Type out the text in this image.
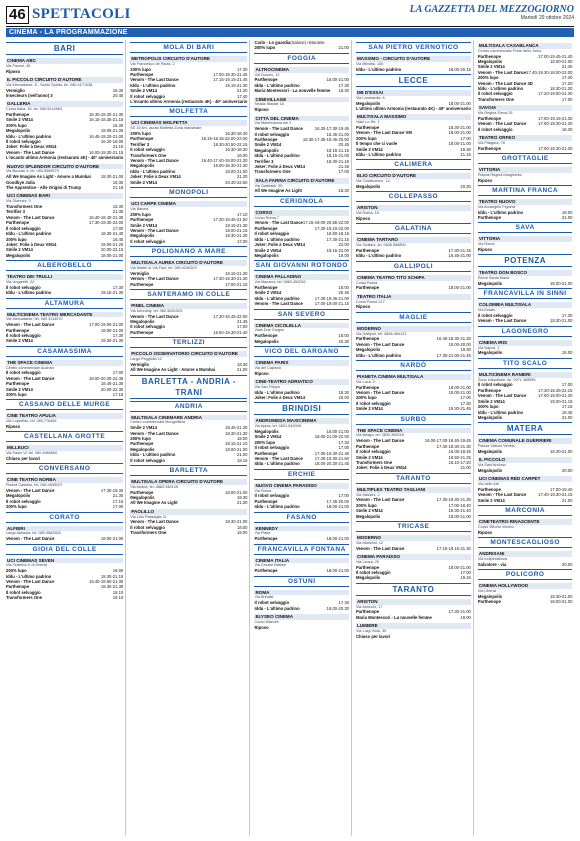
46 SPETTACOLI	LA GAZZETTA DEL MEZZOGIORNO
Martedì 29 ottobre 2024
CINEMA - LA PROGRAMMAZIONE
BARI
CINEMA ABC
Via Pavoni, 45
Riposo
IL PICCOLO CIRCUITO D'AUTORE
Via Mercadante, 8 - Santo Spirito, tel. 080.4171038
Vermiglio	18.30
Insecteurs (nell'anno) 3	20.45
GALLERIA
Corso Italia, 15, tel. 080.5214563
Parthenope	16.30-18.30-21.30
Smile 2 VM14	16.15-18.35-21.15
200% lupo	16.30
Megalopolis	18.05-21.05
Iddu - L'ultimo padrino	16.45-18.20-21.00
Il robot selvaggio	16.20-18.00
Joker: Folie à Deux VM14	21.10
Venom - The Last Dance	16.00-18.30-21.15
L'incanto ultimo Armonia (restaurato 4K) - 40° anniversario
NUOVO SPLENDOR CIRCUITO D'AUTORE
Via Buccari 4, tel. 080.5569579
All We Imagine As Light - Amore a Mumbai 18.30-21.00
Goodbye Julia	18.30
The Apprentice - Alle Origini di Trump	21.15
UCI CINEMAS BARI
Via Giannini, 9
Transformers One	16.30
Terrifier 3	21.30
Venom - The Last Dance	16.40-18.40-21.30
Parthenope	17.30-19.30-22.00
Il robot selvaggio	17.00
Iddu - L'ultimo padrino	18.30-21.40
200% lupo	16.45
Joker: Folie à Deux VM14	19.00-21.20
Smile 2 VM14	20.00-22.15
Megalopolis	18.00-21.00
ALBEROBELLO
TEATRO DEI TRULLI
Via Ungaretti, 22
Il robot selvaggio	17.30
Iddu - L'ultimo padrino	19.15-21.30
ALTAMURA
MULTICINEMA TEATRO MERCADANTE
Via Mercadante, tel. 080.3114070
Venom - The Last Dance	17.00-19.00-21.00
Parthenope	18.00-21.00
Il robot selvaggio	17.30
Smile 2 VM14	19.30-21.30
CASAMASSIMA
THE SPACE CINEMA
Centro commerciale Auchan
Il robot selvaggio	17.00
Venom - The Last Dance	18.00-20.30-22.45
Parthenope	18.45-21.30
Smile 2 VM14	20.00-22.30
200% lupo	17.15
CASSANO DELLE MURGE
CINE TEATRO APULIA
Via Loperfido, tel. 080.776464
Riposo
CASTELLANA GROTTE
MILLEUCI
Via Paolo VI, tel. 080.4965660
Chiuso per lavori
CONVERSANO
CINE TEATRO NORBA
Piazza Castello, tel. 080.4955007
Venom - The Last Dance	17.30-19.30
Megalopolis	21.30
Il robot selvaggio	17.15
200% lupo	17.00
CORATO
ALFIERI
Largo Abbazia, tel. 080.3582553
Venom - The Last Dance	18.00-21.00
GIOIA DEL COLLE
UCI CINEMAS SEVEN
Via Federico II di Svevia
200% lupo	18.00
Iddu - L'ultimo padrino	18.30-21.15
Venom - The Last Dance	16.40-18.50-21.30
Parthenope	18.30-21.30
Il robot selvaggio	18.10
Transformers One	18.10
MOLA DI BARI
METROPOLIS CIRCUITO D'AUTORE
Via Francesco de Paola, 2
200% lupo	17.30
Parthenope	17.00-19.30-21.45
Venom - The Last Dance	17.15-19.15-21.45
Iddu - L'ultimo padrino	19.15-21.30
Smile 2 VM14	21.30
Il robot selvaggio	17.40
L'incanto ultimo Armonia (restaurato 4K) - 40° anniversario
MOLFETTA
UCI CINEMAS MOLFETTA
SS 16 km, uscita Molfetta Zona industriale
200% lupo	16.30-18.30
Parthenope	16.15-19.15-22.00-23.00
Terrifier 3	18.30-20.50-22.15
Il robot selvaggio	16.30-18.30
Transformers One	16.00
Venom - The Last Dance	16.40-17.40-19.00-21.30
Megalopolis	16.00-18.30-21.30
Iddu - L'ultimo padrino	18.00-21.00
Joker: Folie à Deux VM14	21.30
Smile 2 VM14	20.40-22.50
MONOPOLI
UCI CARPE CINEMA
Via Baione
200% lupo	17.10
Parthenope	17.30-19.45-21.50
Smile 2 VM14	19.15-21.30
Venom - The Last Dance	18.00-21.15
Megalopolis	19.30-21.30
Il robot selvaggio	17.00
POLIGNANO A MARE
MULTISALA AUREA CIRCUITO D'AUTORE
Via Martiri di Via Fani, tel. 080.4240003
Vermiglio	19.15-21.30
Venom - The Last Dance	17.30-19.30-21.30
Parthenope	17.00-21.15
SANTERAMO IN COLLE
PINEL CINEMA
Via Kennedy, tel. 080.3030303
Venom - The Last Dance	17.30-19.45-22.00
Megalopolis	21.45
Il robot selvaggio	17.00
Parthenope	16.50-19.30-21.40
TERLIZZI
PICCOLO OSSERVATORIO CIRCUITO D'AUTORE
Largo Peggiolla 12
Vermiglio	18.30
All We Imagine As Light - Amore a Mumbai	21.00
BARLETTA - ANDRIA - TRANI
ANDRIA
MULTISALA CINEMARE ANDRIA
Centro commerciale Mongolfiera
Smile 2 VM14	18.45-21.30
Venom - The Last Dance	18.30-21.30
200% lupo	18.00
Parthenope	18.15-21.10
Megalopolis	18.00-21.00
Iddu - L'ultimo padrino	21.00
Il robot selvaggio	18.15
BARLETTA
MULTISALA OPERA CIRCUITO D'AUTORE
Via Andria, tel. 0883.345145
Parthenope	18.00-21.00
Megalopolis	18.30
All We Imagine As Light	21.00
PAOLILLO
Via Lido Passaglia 21
Venom - The Last Dance	18.30-21.00
Il robot selvaggio	18.00
Transformers One	18.00
Carlo - Lo guardia(Salone) ristorante
200% lupo	21.00
FOGGIA
ALTROCINEMA
Via Duomo, 12
Parthenope	18.00-21.00
Iddu - L'ultimo padrino	17.30
Maria Montessori - La nouvelle femme 16.30
CINEVILLAGE
Strada Statale 16
Riposo
CITTÀ DEL CINEMA
Via Manfredonia km 2
Venom - The Last Dance	16.30-17.30-19.45
Il robot selvaggio	16.45-21.00
Parthenope	18.30-17.35-19.45-20.50
Smile 2 VM14	20.45
Megalopolis	18.15-21.15
Iddu - L'ultimo padrino	18.15-21.00
Terrifier 3	18.30-21.15
Joker: Folie à Deux VM14	21.45
Transformers One	17.00
SALA FARINA CIRCUITO D'AUTORE
Via Garibaldi, 55
All We Imagine As Light	18.30
CERIGNOLA
CORSO
Corso Roma 7
Venom - The Last Dance 17.15-19.00-20.55-22.00
Parthenope	17.30-19.10-22.00
Il robot selvaggio	16.50-18.15
Iddu - L'ultimo padrino	17.30-21.15
Joker: Folie à Deux VM14	22.00
Smile 2 VM14	19.15-22.00
Megalopolis	19.00
SAN GIOVANNI ROTONDO
CINEMA PALLADINO
Via Manzoni, tel. 0882.452052
Parthenope	18.00
Smile 2 VM14	20.45
Iddu - L'ultimo padrino	17.30-19.45-21.00
Venom - The Last Dance	17.00-19.00-21.15
SAN SEVERO
CINEMA CICOLELLA
Viale Due Giugno
Parthenope	18.00
Megalopolis	20.30
VICO DEL GARGANO
CINEMA PARIS
Via del Capitolo
Riposo
CINE-TEATRO ADRIATICO
Via San Filippo
Iddu - L'ultimo padrino	18.30
Joker: Folie à Deux VM14	20.00
BRINDISI
ANDROMEDA MAXICINEMA
Via Appia, tel. 0831.549008
Megalopolis	18.00-21.00
Smile 2 VM14	18.00-21.00-22.00
200% lupo	17.30
Il robot selvaggio	17.00
Parthenope	17.30-19.30-21.45
Venom - The Last Dance	17.30-19.30-21.50
Iddu - L'ultimo padrino	18.00-20.30-21.45
ERCHIE
NUOVO CINEMA PARADISO
Via Roma
Il robot selvaggio	17.00
Parthenope	17.45-20.00
Iddu - L'ultimo padrino	18.00-21.00
FASANO
KENNEDY
Via Piave
Parthenope	18.00-21.00
FRANCAVILLA FONTANA
CINEMA ITALIA
Via Cesare Battisti
Parthenope	18.00-21.00
OSTUNI
ROMA
Via Brindisi
Il robot selvaggio	17.30
Iddu - L'ultimo padrino	18.00-20.30
ELYSEO CINEMA
Corso Mazzini
Riposo
SAN PIETRO VERNOTICO
MASSIMO - CIRCUITO D'AUTORE
Via Brindisi, 105
Iddu - L'ultimo padrino	18.00-20.15
LECCE
DB D'ESSAI
Via Lombardia, 6
Megalopolis	18.00-21.00
L'ultimo ultimo Armonia (restaurato 4K) - 40° anniversario
MULTISALA MASSIMO
Viale Lo Re, 1
Parthenope	18.30-21.00
Venom - The Last Dance VM	18.00-21.00
200% lupo	17.00
Il tempo che ci vuole	18.00-21.00
Smile 2 VM14	19.30
Iddu - L'ultimo padrino	21.15
CALIMERA
ELIO CIRCUITO D'AUTORE
Via Costituzione, 14
Megalopolis	20.30
COLLEPASSO
ARISTON
Via Roma, 15
Riposo
GALATINA
CINEMA TARTARO
Via Siciliani, tel. 0836.568800
Parthenope	17.30-21.15
Iddu - L'ultimo padrino	16.45-21.00
GALLIPOLI
CINEMA TEATRO TITO SCHIPA
Corso Roma
Parthenope	18.00-21.00
TEATRO ITALIA
Corso Roma 217
Riposo
MAGLIE
MODERNO
Via Gallipoli, tel. 0836.484123
Parthenope	16.45-18.30-21.30
Venom - The Last Dance	18.00-20.00
Megalopolis	19.30
Iddu - L'ultimo padrino	17.30-21.00-21.45
NARDÒ
PIANETA CINEMA MULTISALA
Via Luca, 2
Parthenope	18.00-21.00
Venom - The Last Dance	18.00-21.00
200% lupo	17.00
Il robot selvaggio	17.30
Smile 2 VM14	19.30-21.45
SURBO
THE SPACE CINEMA
Via Birago, tel. 0832.369018
Venom - The Last Dance	16.00-17.00-18.40-19.45
Parthenope	17.30-18.30-21.30
Il robot selvaggio	16.00-18.45
Smile 2 VM14	18.50-21.25
Transformers One	16.10-17.20
Joker: Folie à Deux VM14	21.00
TARANTO
MULTIPLEX TEATRO TAGLIANI
Via Mazzini, 2
Venom - The Last Dance	17.30-19.30-21.30
200% lupo	17.00-18.40
Smile 2 VM14	19.30-21.40
Megalopolis	18.00-21.00
TRICASE
MODERNO
Via Manzoni, 12
Venom - The Last Dance	17.15-19.15-21.30
CINEMA PARADISO
Via Leuca, 20
Parthenope	18.00-21.00
Il robot selvaggio	17.00
Megalopolis	19.15
TARANTO
ARISTON
Via Abruzzo, 17
Parthenope	17.30-21.00
Maria Montessori - La nouvelle femme	19.00
LUMIERE
Via Luigi Viola, 39
Chiuso per lavori
MULTISALA CASABLANCA
Centro commerciale Porte dello Jonio
Parthenope	17.00-19.45-21.40
Megalopolis	18.00-21.00
Smile 2 VM14	21.45
Venom - The Last Dance 17.40-19.30-18.00-22.00
200% lupo	17.30
Venom - The Last Dance 3D	17.20
Iddu - L'ultimo padrino	18.30-21.30
Il robot selvaggio	17.20-19.00-21.30
Transformers One	17.00
SAVOIA
Via Regina Elena 25
Parthenope	17.00-19.15-21.30
Venom - The Last Dance	17.00-19.30-21.30
Il robot selvaggio	18.30
TEATRO ORFEO
Via Pitagora, 78
Parthenope	17.00-19.30-21.30
GROTTAGLIE
VITTORIA
Piazza Regina Margherita
Riposo
MARTINA FRANCA
TEATRO NUOVO
Via Arcangelo Fighera
Iddu - L'ultimo padrino	19.00
Parthenope	21.00
SAVA
VITTORIA
Via Roma
Riposo
POTENZA
TEATRO DON BOSCO
Rione Santa Maria
Megalopolis	18.00-21.00
FRANCAVILLA IN SINNI
COLOMBIA MULTISALA
Via Estate
Il robot selvaggio	17.30
Venom - The Last Dance	18.30-21.00
LAGONEGRO
CINEMA IRIS
Via Napoli, 2
Megalopolis	18.00
TITO SCALO
MULTICINEMA RANIERI
Zona Industriale, tel. 0971.485555
Il robot selvaggio	17.00
Parthenope	17.30-18.45-22.15
Venom - The Last Dance	17.00-19.00-21.30
Smile 2 VM14	19.00-21.15
200% lupo	17.15
Iddu - L'ultimo padrino	18.45
Megalopolis	21.00
MATERA
CINEMA COMUNALE GUERRIERI
Piazza Vittorio Veneto
Megalopolis	18.30-21.00
IL PICCOLO
Via Sant'Antonio
Megalopolis	20.00
UCI CINEMAS RED CARPET
Via delle Arti
Parthenope	17.00-19.40
Venom - The Last Dance	17.40-19.30-21.15
Smile 2 VM14	21.00
MARCONIA
CINETEATRO RINASCENTE
Corso Vittorio Veneto
Riposo
MONTESCAGLIOSO
ANDRISANI
Via Indipendenza
Salvatore - via	20.00
POLICORO
CINEMA HOLLYWOOD
Via Libertà
Megalopolis	18.30-21.00
Parthenope	18.00-21.00
